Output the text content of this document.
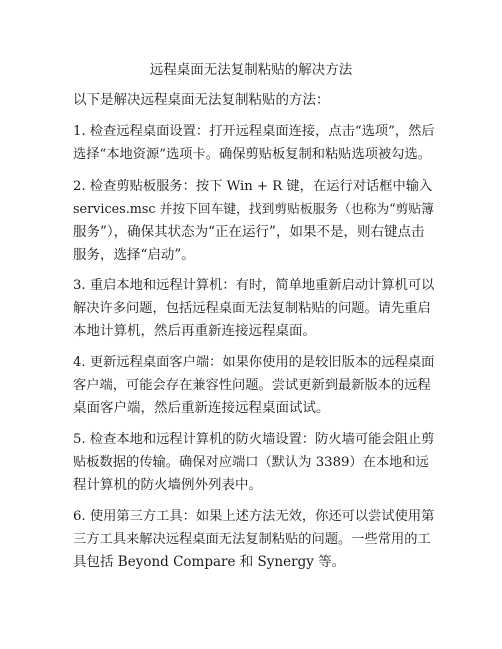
远程桌面无法复制粘贴的解决方法
以下是解决远程桌面无法复制粘贴的方法：
1. 检查远程桌面设置：打开远程桌面连接，点击“选项”，然后
选择“本地资源”选项卡。确保剪贴板复制和粘贴选项被勾选。
2. 检查剪贴板服务：按下 Win + R 键，在运行对话框中输入
services.msc 并按下回车键，找到剪贴板服务（也称为“剪贴簿
服务”），确保其状态为“正在运行”，如果不是，则右键点击
服务，选择“启动”。
3. 重启本地和远程计算机：有时，简单地重新启动计算机可以
解决许多问题，包括远程桌面无法复制粘贴的问题。请先重启
本地计算机，然后再重新连接远程桌面。
4. 更新远程桌面客户端：如果你使用的是较旧版本的远程桌面
客户端，可能会存在兼容性问题。尝试更新到最新版本的远程
桌面客户端，然后重新连接远程桌面试试。
5. 检查本地和远程计算机的防火墙设置：防火墙可能会阻止剪
贴板数据的传输。确保对应端口（默认为 3389）在本地和远
程计算机的防火墙例外列表中。
6. 使用第三方工具：如果上述方法无效，你还可以尝试使用第
三方工具来解决远程桌面无法复制粘贴的问题。一些常用的工
具包括 Beyond Compare 和 Synergy 等。
